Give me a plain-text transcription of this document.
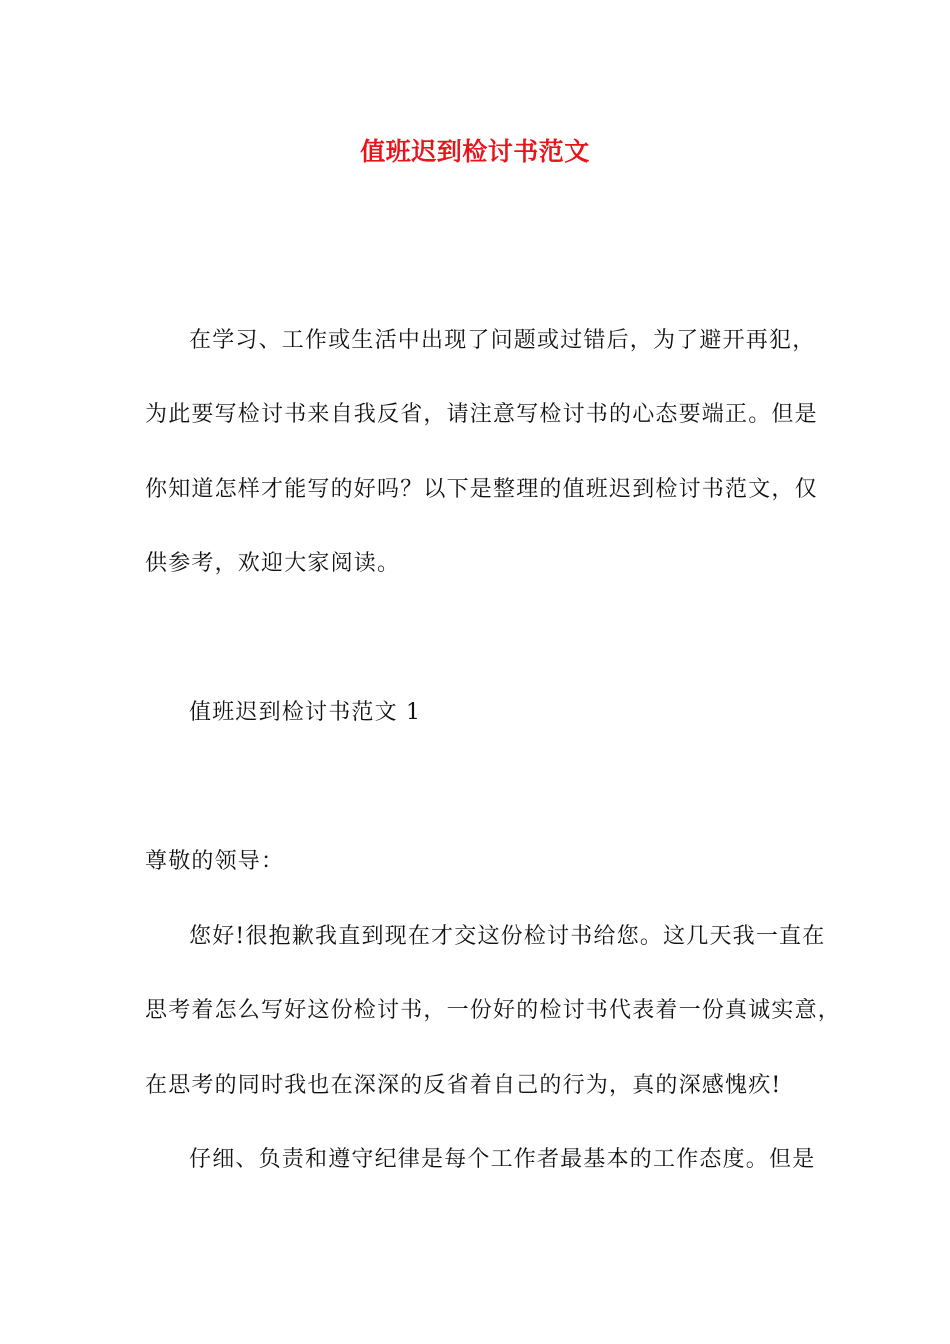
值班迟到检讨书范文
在学习、工作或生活中出现了问题或过错后，为了避开再犯，
为此要写检讨书来自我反省，请注意写检讨书的心态要端正。但是
你知道怎样才能写的好吗？以下是整理的值班迟到检讨书范文，仅
供参考，欢迎大家阅读。
值班迟到检讨书范文 1
尊敬的领导：
您好!很抱歉我直到现在才交这份检讨书给您。这几天我一直在
思考着怎么写好这份检讨书，一份好的检讨书代表着一份真诚实意，
在思考的同时我也在深深的反省着自己的行为，真的深感愧疚!
仔细、负责和遵守纪律是每个工作者最基本的工作态度。但是
